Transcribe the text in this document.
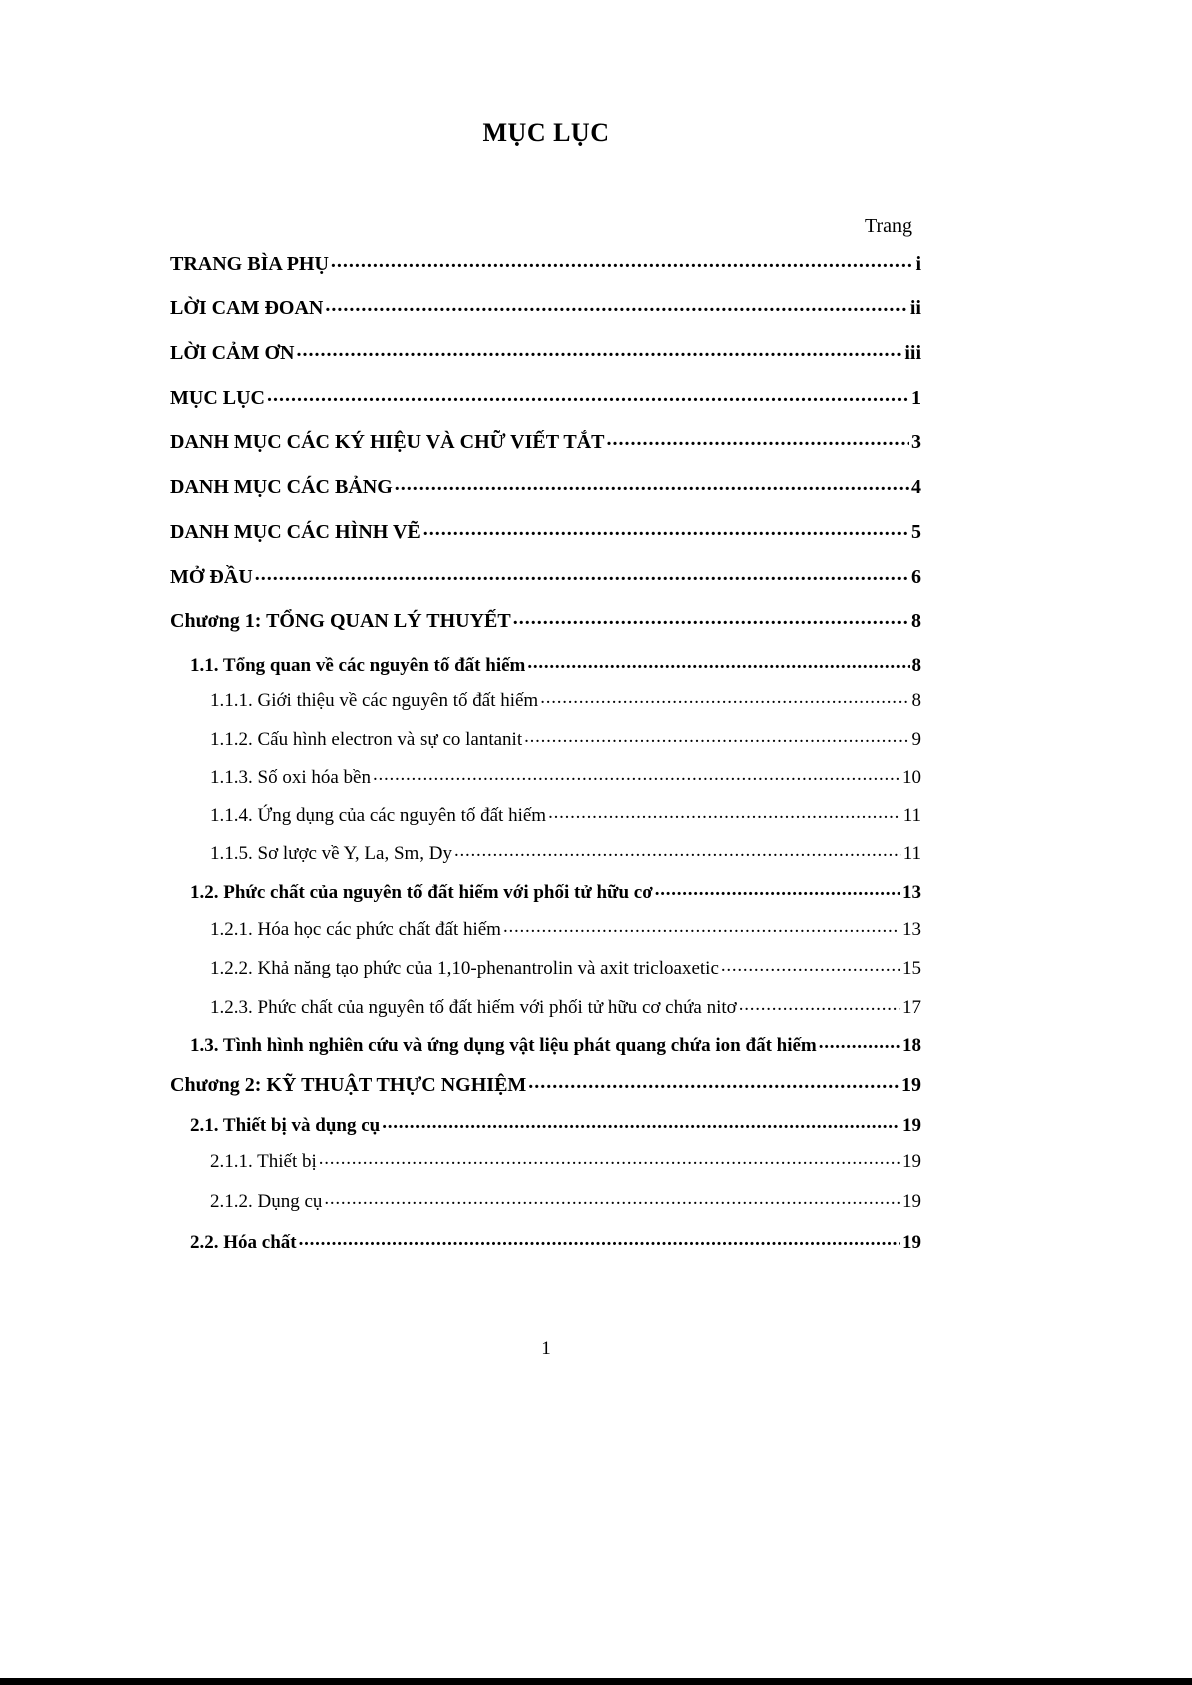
MỤC LỤC
Trang
TRANG BÌA PHỤ . . .	i
LỜI CAM ĐOAN . . .	ii
LỜI CẢM ƠN . . .	iii
MỤC LỤC . . .	1
DANH MỤC CÁC KÝ HIỆU VÀ CHỮ VIẾT TẮT . . .	3
DANH MỤC CÁC BẢNG . . .	4
DANH MỤC CÁC HÌNH VẼ . . .	5
MỞ ĐẦU . . .	6
Chương 1: TỔNG QUAN LÝ THUYẾT . . .	8
1.1. Tổng quan về các nguyên tố đất hiếm . . .	8
1.1.1. Giới thiệu về các nguyên tố đất hiếm . . .	8
1.1.2. Cấu hình electron và sự co lantanit . . .	9
1.1.3. Số oxi hóa bền . . .	10
1.1.4. Ứng dụng của các nguyên tố đất hiếm . . .	11
1.1.5. Sơ lược về Y, La, Sm, Dy . . .	11
1.2. Phức chất của nguyên tố đất hiếm với phối tử hữu cơ . . .	13
1.2.1. Hóa học các phức chất đất hiếm . . .	13
1.2.2. Khả năng tạo phức của 1,10-phenantrolin và axit tricloaxetic . . .	15
1.2.3. Phức chất của nguyên tố đất hiếm với phối tử hữu cơ chứa nitơ . . .	17
1.3. Tình hình nghiên cứu và ứng dụng vật liệu phát quang chứa ion đất hiếm . . .	18
Chương 2: KỸ THUẬT THỰC NGHIỆM . . .	19
2.1. Thiết bị và dụng cụ . . .	19
2.1.1. Thiết bị . . .	19
2.1.2. Dụng cụ . . .	19
2.2. Hóa chất . . .	19
1
